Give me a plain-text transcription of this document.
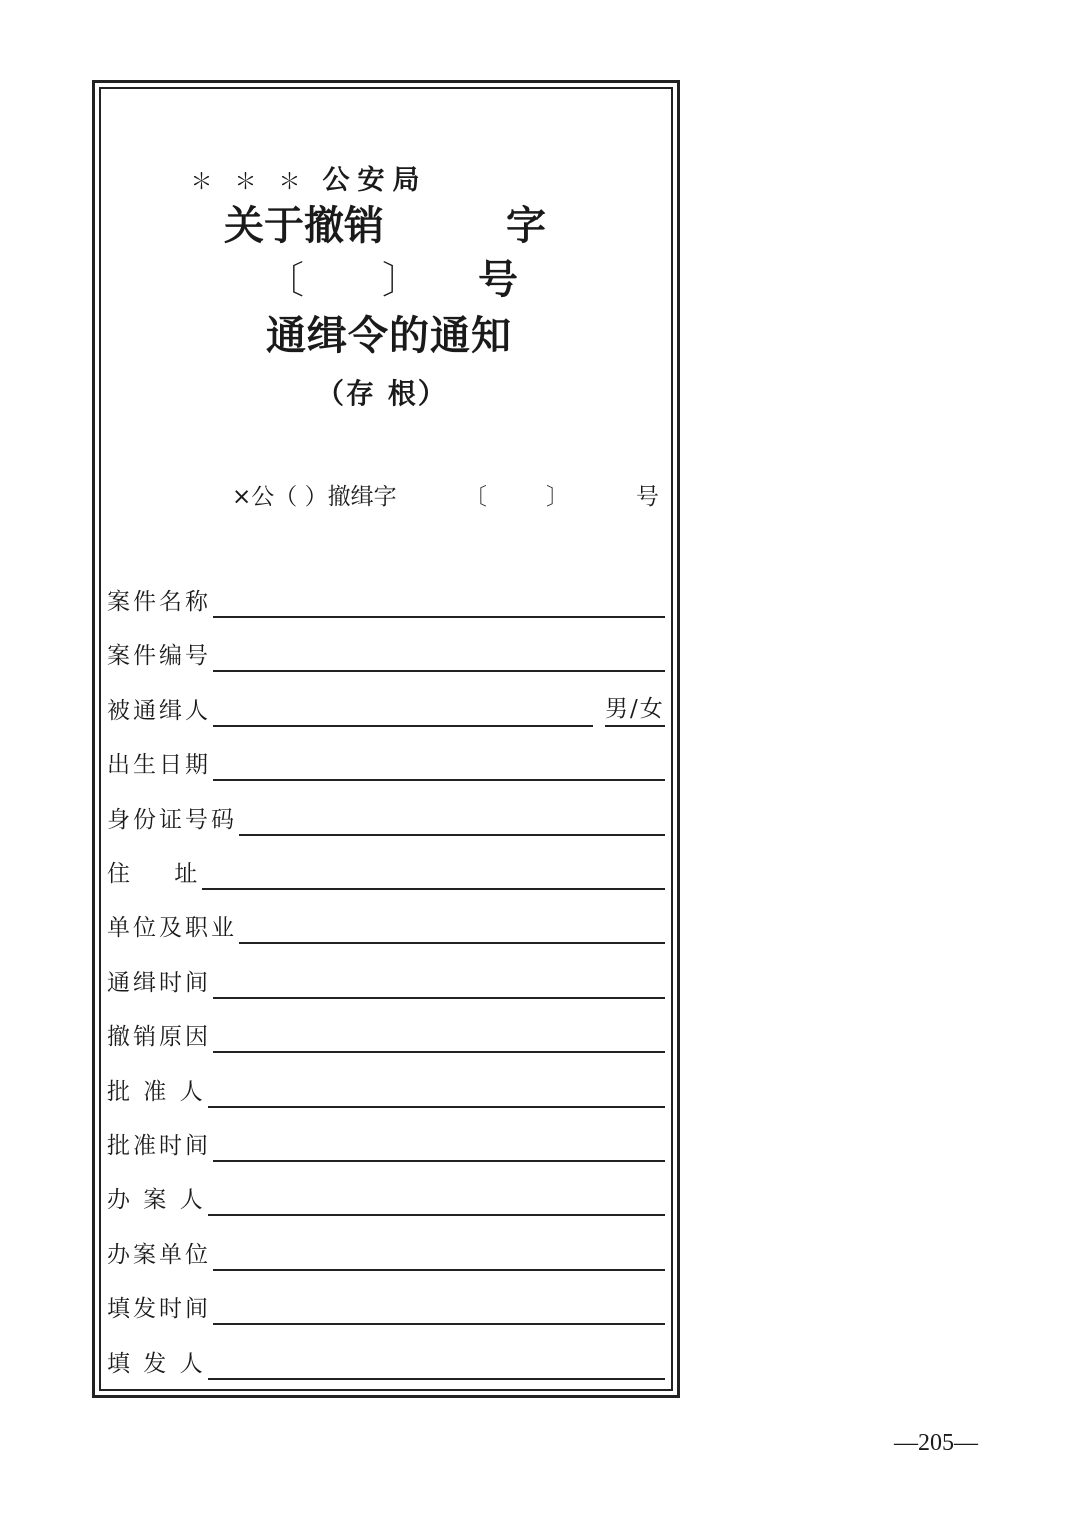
＊＊＊公安局
关于撤销	字
〔 〕 号
通缉令的通知
（存 根）
×公（ ）撤缉字	〔	〕	号
案件名称
案件编号
被通缉人	男/女
出生日期
身份证号码
住    址
单位及职业
通缉时间
撤销原因
批 准 人
批准时间
办 案 人
办案单位
填发时间
填 发 人
—205—
